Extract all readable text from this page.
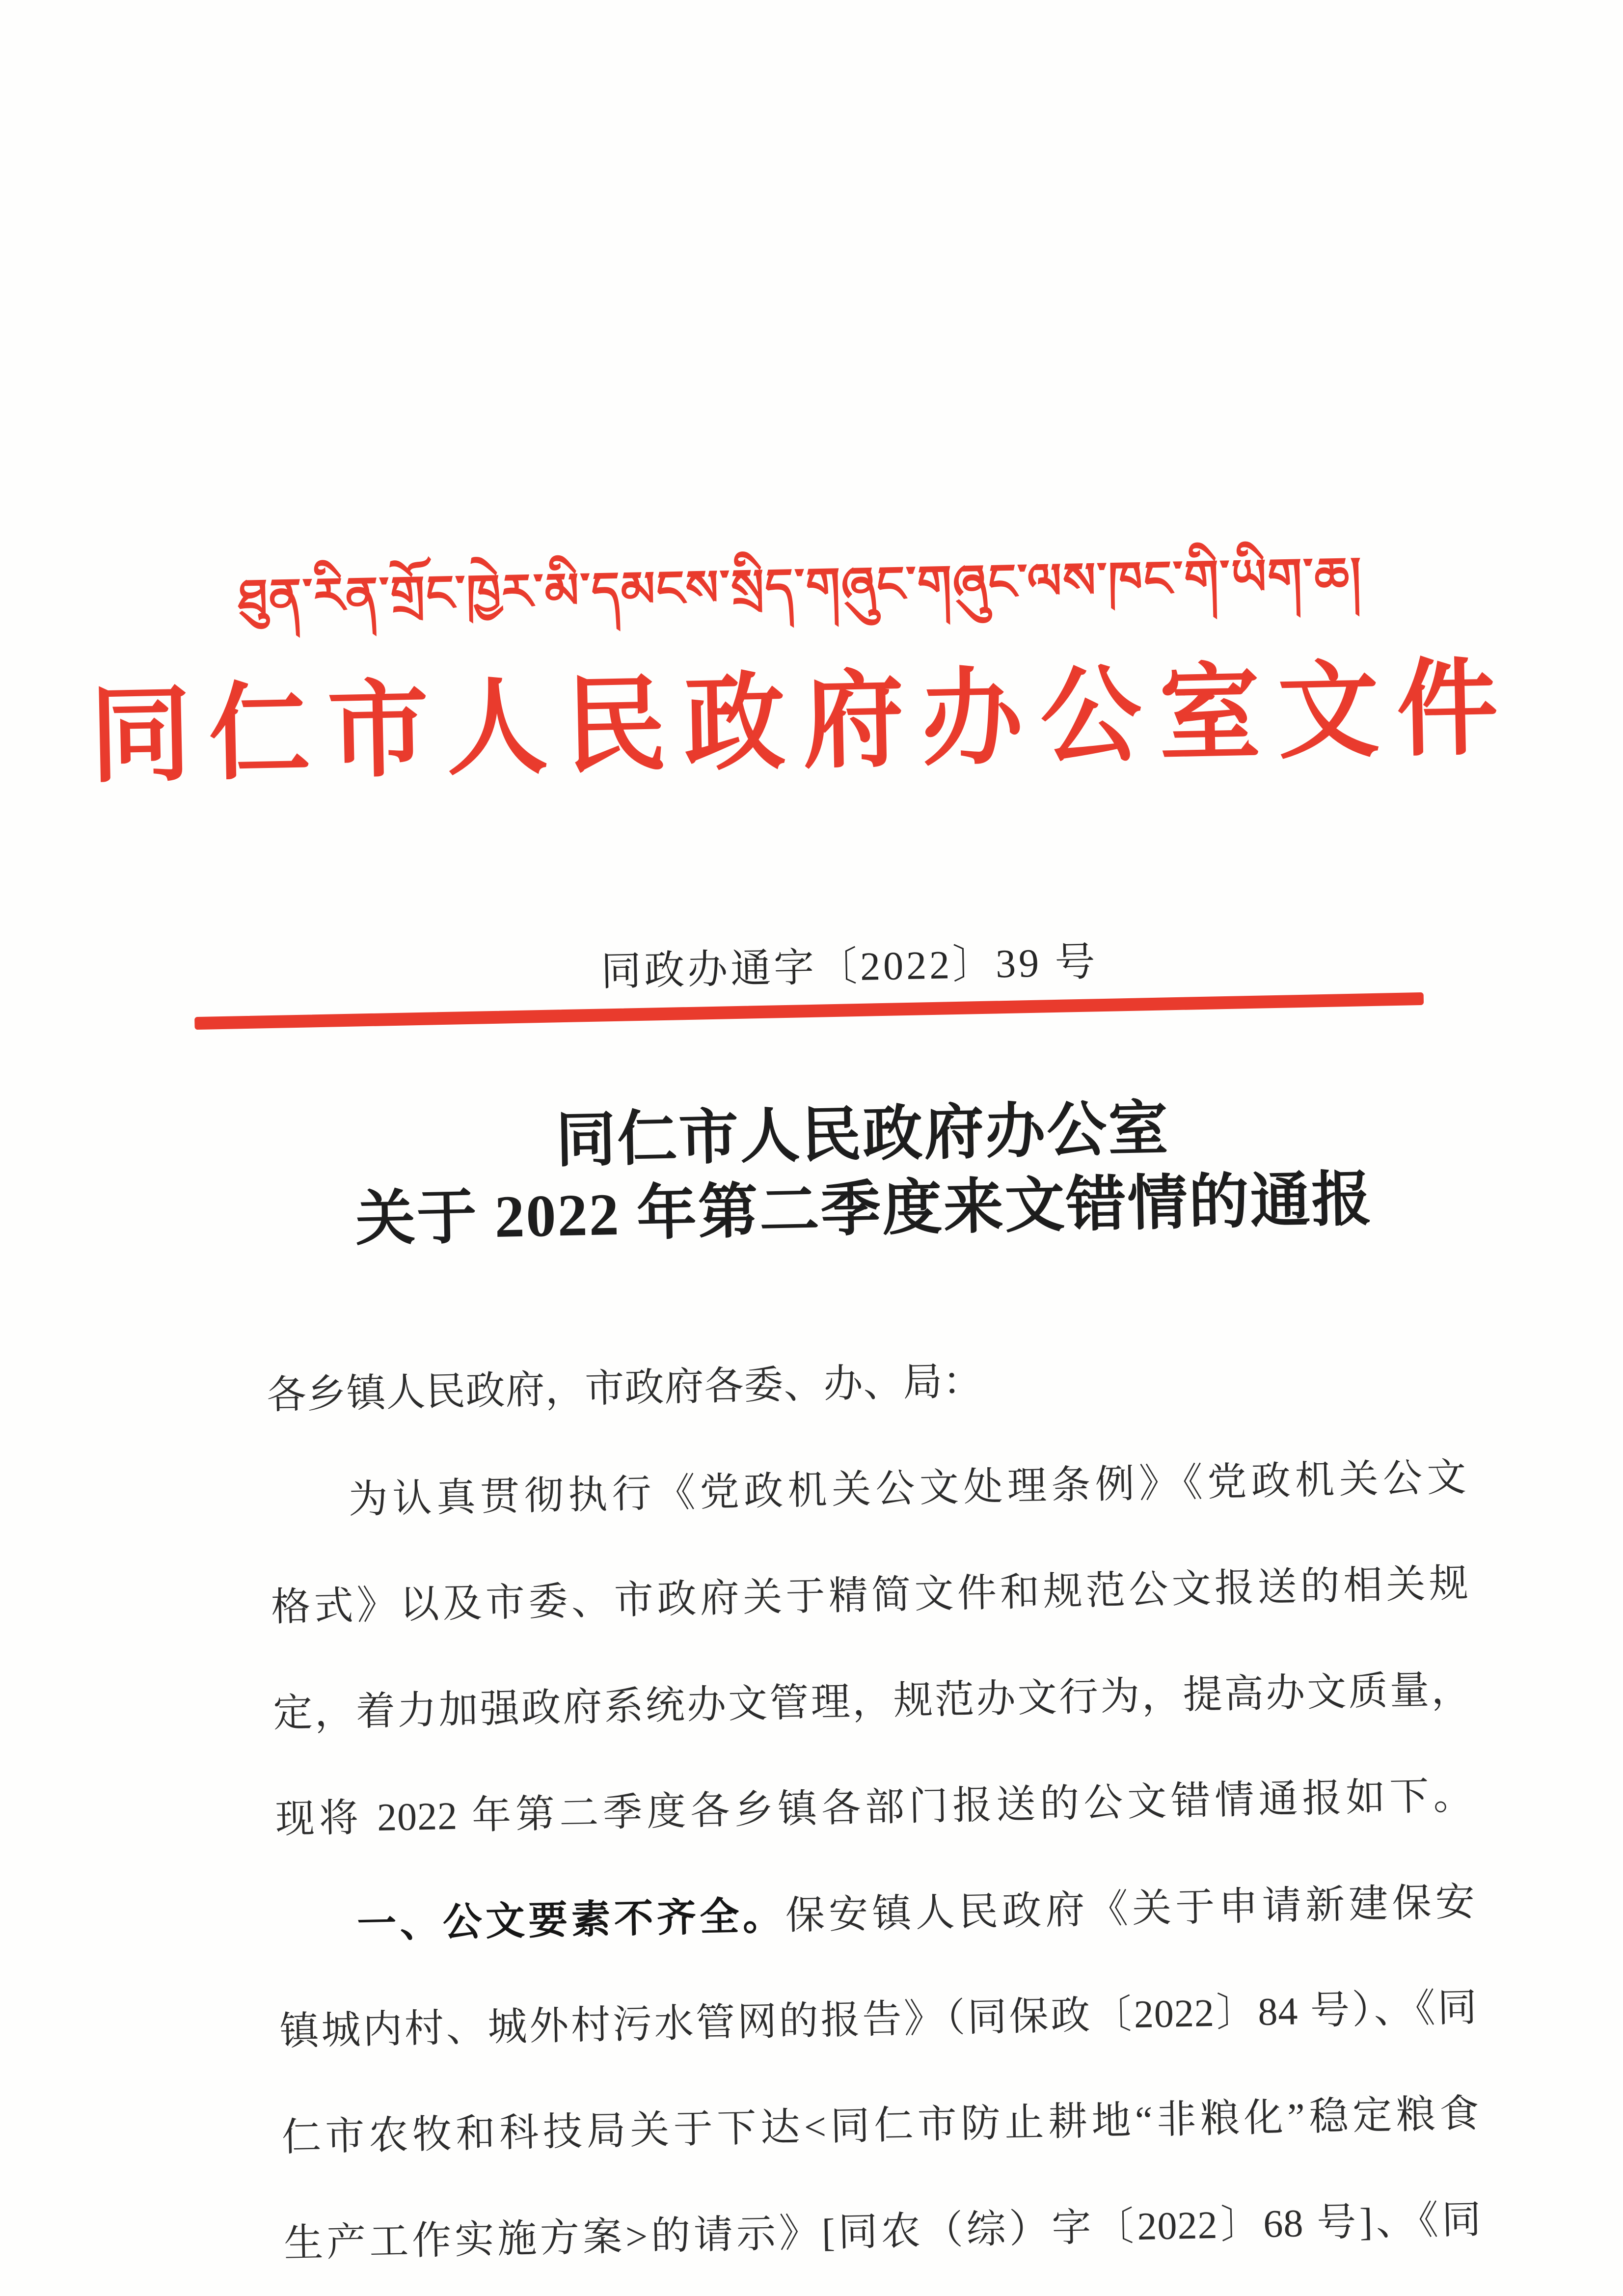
ཐུན་རིན་གྲོང་ཁྱེར་མི་དམངས་སྲིད་གཞུང་གཞུང་ལས་ཁང་གི་ཡིག་ཆ།
同仁市人民政府办公室文件
同政办通字〔2022〕39 号
同仁市人民政府办公室
关于 2022 年第二季度来文错情的通报
各乡镇人民政府，市政府各委、办、局：
为认真贯彻执行《党政机关公文处理条例》《党政机关公文
格式》以及市委、市政府关于精简文件和规范公文报送的相关规
定，着力加强政府系统办文管理，规范办文行为，提高办文质量，
现将 2022 年第二季度各乡镇各部门报送的公文错情通报如下。
一、公文要素不齐全。保安镇人民政府《关于申请新建保安
镇城内村、城外村污水管网的报告》（同保政〔2022〕84 号）、《同
仁市农牧和科技局关于下达<同仁市防止耕地“非粮化”稳定粮食
生产工作实施方案>的请示》[同农（综）字〔2022〕68 号]、《同
